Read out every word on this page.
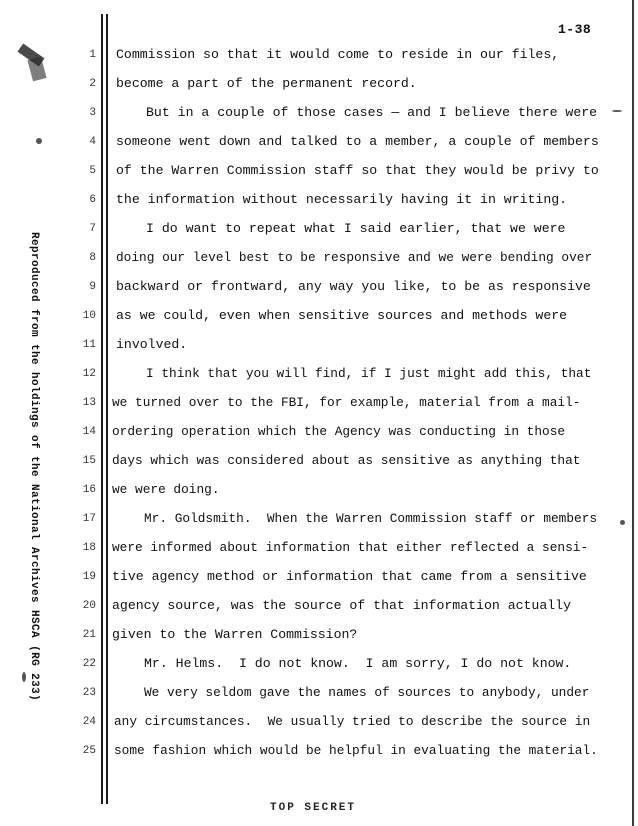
1-38
Reproduced from the holdings of the National Archives HSCA (RG 233)
1 Commission so that it would come to reside in our files,
2 become a part of the permanent record.
3	But in a couple of those cases — and I believe there were
4 someone went down and talked to a member, a couple of members
5 of the Warren Commission staff so that they would be privy to
6 the information without necessarily having it in writing.
7	I do want to repeat what I said earlier, that we were
8 doing our level best to be responsive and we were bending over
9 backward or frontward, any way you like, to be as responsive
10 as we could, even when sensitive sources and methods were
11 involved.
12	I think that you will find, if I just might add this, that
13 we turned over to the FBI, for example, material from a mail-
14 ordering operation which the Agency was conducting in those
15 days which was considered about as sensitive as anything that
16 we were doing.
17	Mr. Goldsmith.  When the Warren Commission staff or members
18 were informed about information that either reflected a sensi-
19 tive agency method or information that came from a sensitive
20 agency source, was the source of that information actually
21 given to the Warren Commission?
22	Mr. Helms.  I do not know.  I am sorry, I do not know.
23	We very seldom gave the names of sources to anybody, under
24 any circumstances.  We usually tried to describe the source in
25 some fashion which would be helpful in evaluating the material.
TOP SECRET
